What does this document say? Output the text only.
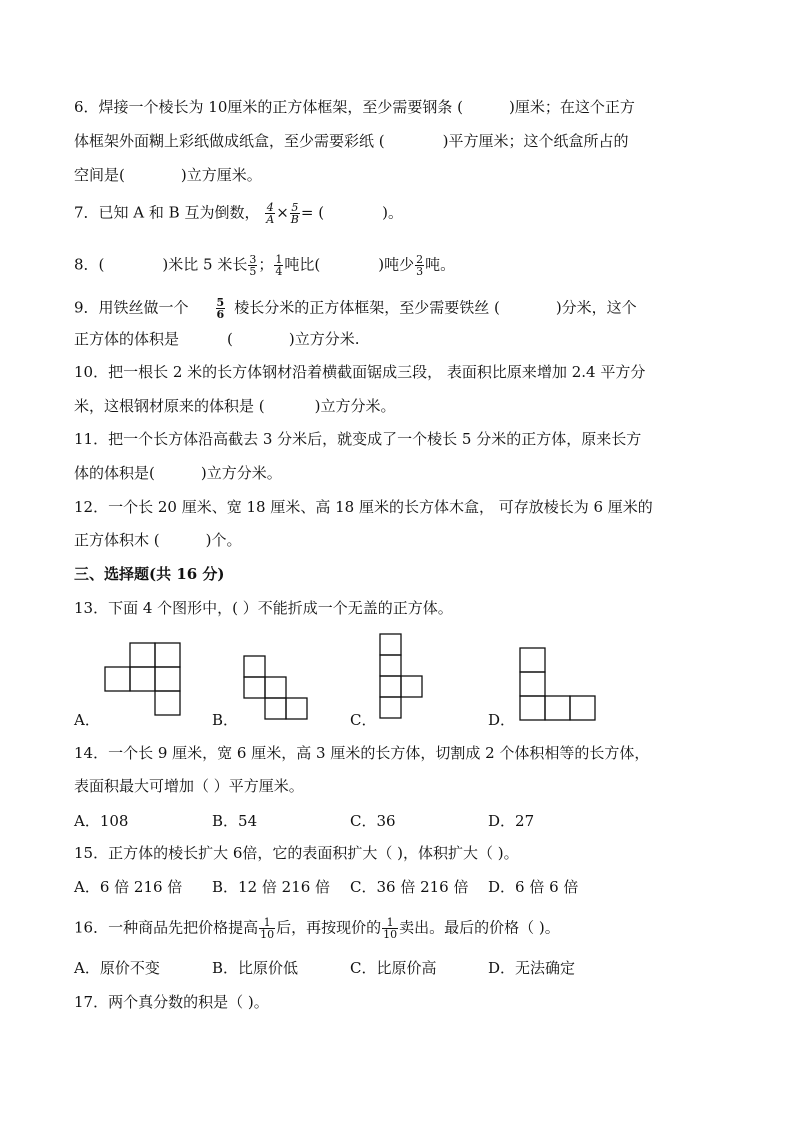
6．焊接一个棱长为 10厘米的正方体框架，至少需要钢条 (	)厘米；在这个正方
体框架外面糊上彩纸做成纸盒，至少需要彩纸 (	)平方厘米；这个纸盒所占的
空间是(	)立方厘米。
7．已知 A 和 B 互为倒数， $\frac{4}{A} \times \frac{5}{B}$ = (	)。
8．(	)米比 5 米长 $\frac{3}{5}$ ； $\frac{1}{4}$ 吨比(	)吨少 $\frac{2}{3}$ 吨。
9．用铁丝做一个 $\frac{5}{6}$ 棱长分米的正方体框架，至少需要铁丝 (	)分米，这个
正方体的体积是	(	)立方分米.
10．把一根长 2 米的长方体钢材沿着横截面锯成三段， 表面积比原来增加 2.4 平方分
米，这根钢材原来的体积是 (	)立方分米。
11．把一个长方体沿高截去 3 分米后，就变成了一个棱长 5 分米的正方体，原来长方
体的体积是(	)立方分米。
12．一个长 20 厘米、宽 18 厘米、高 18 厘米的长方体木盒， 可存放棱长为 6 厘米的
正方体积木 (	)个。
三、选择题(共 16 分)
13．下面 4 个图形中，( ）不能折成一个无盖的正方体。
A．	B．	C．	D．
14．一个长 9 厘米，宽 6 厘米，高 3 厘米的长方体，切割成 2 个体积相等的长方体，
表面积最大可增加（ ）平方厘米。
A．108	B．54	C．36	D．27
15．正方体的棱长扩大 6倍，它的表面积扩大（ )，体积扩大（ )。
A．6 倍 216 倍 B．12 倍 216 倍 C．36 倍 216 倍 D．6 倍 6 倍
16．一种商品先把价格提高 $\frac{1}{10}$ 后，再按现价的 $\frac{1}{10}$ 卖出。最后的价格（ )。
A．原价不变	B．比原价低	C．比原价高	D．无法确定
17．两个真分数的积是（ )。
